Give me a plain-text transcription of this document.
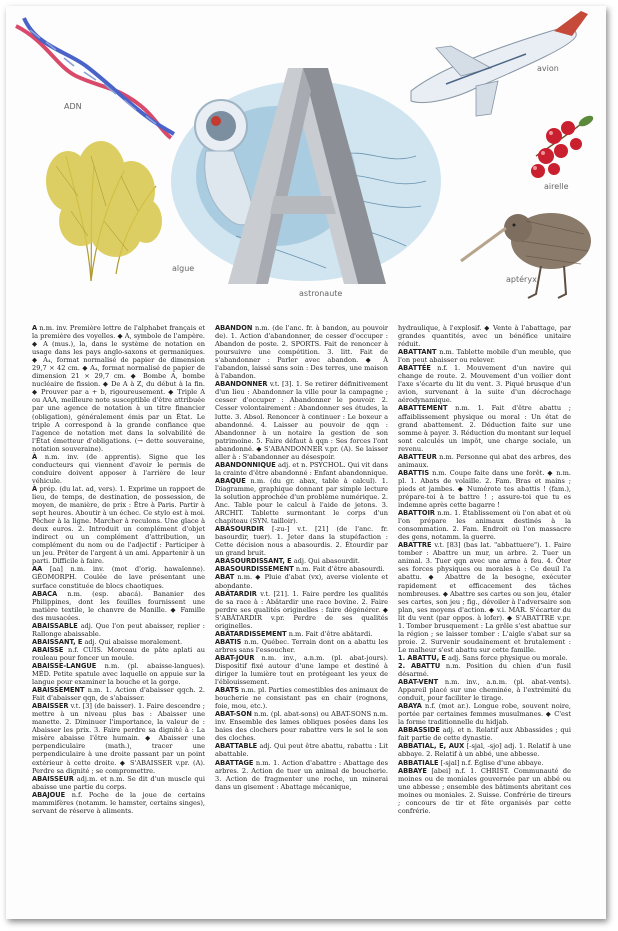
ADN
avion
algue
astronaute
airelle
aptéryx

A n.m. inv. Première lettre de l'alphabet français et la première des voyelles. ◆ A, symbole de l'ampère. ◆ A (mus.), la, dans le système de notation en usage dans les pays anglo-saxons et germaniques. ◆ A₄, format normalisé de papier de dimension 29,7 × 42 cm. ◆ A₄, format normalisé de papier de dimension 21 × 29,7 cm. ◆ Bombe A, bombe nucléaire de fission. ◆ De A à Z, du début à la fin. ◆ Prouver par a + b, rigoureusement. ◆ Triple A ou AAA, meilleure note susceptible d'être attribuée par une agence de notation à un titre financier (obligation), généralement émis par un État. Le triple A correspond à la grande confiance que l'agence de notation met dans la solvabilité de l'État émetteur d'obligations. (→ dette souveraine, notation souveraine).

À n.m. inv. (de apprentis). Signe que les conducteurs qui viennent d'avoir le permis de conduire doivent apposer à l'arrière de leur véhicule.

À prép. (du lat. ad, vers). 1. Exprime un rapport de lieu, de temps, de destination, de possession, de moyen, de manière, de prix : Être à Paris. Partir à sept heures. Aboutir à un échec. Ce stylo est à moi. Pêcher à la ligne. Marcher à reculons. Une glace à deux euros. 2. Introduit un complément d'objet indirect ou un complément d'attribution, un complément du nom ou de l'adjectif : Participer à un jeu. Prêter de l'argent à un ami. Appartenir à un parti. Difficile à faire.

AA [aa] n.m. inv. (mot d'orig. hawaïenne). GÉOMORPH. Coulée de lave présentant une surface constituée de blocs chaotiques.

ABACA n.m. (esp. abacá). Bananier des Philippines, dont les feuilles fournissent une matière textile, le chanvre de Manille. ◆ Famille des musacées.

ABAISSABLE adj. Que l'on peut abaisser, replier : Rallonge abaissable.

ABAISSANT, E adj. Qui abaisse moralement.

ABAISSE n.f. CUIS. Morceau de pâte aplati au rouleau pour foncer un moule.

ABAISSE-LANGUE n.m. (pl. abaisse-langues). MÉD. Petite spatule avec laquelle on appuie sur la langue pour examiner la bouche et la gorge.

ABAISSEMENT n.m. 1. Action d'abaisser qqch. 2. Fait d'abaisser qqn, de s'abaisser.

ABAISSER v.t. [3] (de baisser). 1. Faire descendre ; mettre à un niveau plus bas : Abaisser une manette. 2. Diminuer l'importance, la valeur de : Abaisser les prix. 3. Faire perdre sa dignité à : La misère abaisse l'être humain. ◆ Abaisser une perpendiculaire (math.), tracer une perpendiculaire à une droite passant par un point extérieur à cette droite. ◆ S'ABAISSER v.pr. (A). Perdre sa dignité ; se compromettre.

ABAISSEUR adj.m. et n.m. Se dit d'un muscle qui abaisse une partie du corps.

ABAJOUE n.f. Poche de la joue de certains mammifères (notamm. le hamster, certains singes), servant de réserve à aliments.

ABANDON n.m. (de l'anc. fr. à bandon, au pouvoir de). 1. Action d'abandonner, de cesser d'occuper : Abandon de poste. 2. SPORTS. Fait de renoncer à poursuivre une compétition. 3. litt. Fait de s'abandonner : Parler avec abandon. ◆ À l'abandon, laissé sans soin : Des terres, une maison à l'abandon.

ABANDONNER v.t. [3]. 1. Se retirer définitivement d'un lieu : Abandonner la ville pour la campagne ; cesser d'occuper : Abandonner le pouvoir. 2. Cesser volontairement : Abandonner ses études, la lutte. 3. Absol. Renoncer à continuer : Le boxeur a abandonné. 4. Laisser au pouvoir de qqn : Abandonner à un notaire la gestion de son patrimoine. 5. Faire défaut à qqn : Ses forces l'ont abandonné. ◆ S'ABANDONNER v.pr. (A). Se laisser aller à : S'abandonner au désespoir.

ABANDONNIQUE adj. et n. PSYCHOL. Qui vit dans la crainte d'être abandonné : Enfant abandonnique.

ABAQUE n.m. (du gr. abax, table à calcul). 1. Diagramme, graphique donnant par simple lecture la solution approchée d'un problème numérique. 2. Anc. Table pour le calcul à l'aide de jetons. 3. ARCHIT. Tablette surmontant le corps d'un chapiteau (SYN. tailloir).

ABASOURDIR [-zu-] v.t. [21] (de l'anc. fr. basourdir, tuer). 1. Jeter dans la stupéfaction : Cette décision nous a abasourdis. 2. Étourdir par un grand bruit.

ABASOURDISSANT, E adj. Qui abasourdit.

ABASOURDISSEMENT n.m. Fait d'être abasourdi.

ABAT n.m. ◆ Pluie d'abat (vx), averse violente et abondante.

ABÂTARDIR v.t. [21]. 1. Faire perdre les qualités de sa race à : Abâtardir une race bovine. 2. Faire perdre ses qualités originelles : faire dégénérer. ◆ S'ABÂTARDIR v.pr. Perdre de ses qualités originelles.

ABÂTARDISSEMENT n.m. Fait d'être abâtardi.

ABATIS n.m. Québec. Terrain dont on a abattu les arbres sans l'essoucher.

ABAT-JOUR n.m. inv., a.n.m. (pl. abat-jours). Dispositif fixé autour d'une lampe et destiné à diriger la lumière tout en protégeant les yeux de l'éblouissement.

ABATS n.m. pl. Parties comestibles des animaux de boucherie ne consistant pas en chair (rognons, foie, mou, etc.).

ABAT-SON n.m. (pl. abat-sons) ou ABAT-SONS n.m. inv. Ensemble des lames obliques posées dans les baies des clochers pour rabattre vers le sol le son des cloches.

ABATTABLE adj. Qui peut être abattu, rabattu : Lit abattable.

ABATTAGE n.m. 1. Action d'abattre : Abattage des arbres. 2. Action de tuer un animal de boucherie. 3. Action de fragmenter une roche, un minerai dans un gisement : Abattage mécanique,

hydraulique, à l'explosif. ◆ Vente à l'abattage, par grandes quantités, avec un bénéfice unitaire réduit.

ABATTANT n.m. Tablette mobile d'un meuble, que l'on peut abaisser ou relever.

ABATTÉE n.f. 1. Mouvement d'un navire qui change de route. 2. Mouvement d'un voilier dont l'axe s'écarte du lit du vent. 3. Piqué brusque d'un avion, survenant à la suite d'un décrochage aérodynamique.

ABATTEMENT n.m. 1. Fait d'être abattu ; affaiblissement physique ou moral : Un état de grand abattement. 2. Déduction faite sur une somme à payer. 3. Réduction du montant sur lequel sont calculés un impôt, une charge sociale, un revenu.

ABATTEUR n.m. Personne qui abat des arbres, des animaux.

ABATTIS n.m. Coupe faite dans une forêt. ◆ n.m. pl. 1. Abats de volaille. 2. Fam. Bras et mains ; pieds et jambes. ◆ Numérote tes abattis ! (fam.), prépare-toi à te battre ! ; assure-toi que tu es indemne après cette bagarre !

ABATTOIR n.m. 1. Établissement où l'on abat et où l'on prépare les animaux destinés à la consommation. 2. Fam. Endroit où l'on massacre des gens, notamm. la guerre.

ABATTRE v.t. [83] (bas lat. "abbattuere"). 1. Faire tomber : Abattre un mur, un arbre. 2. Tuer un animal. 3. Tuer qqn avec une arme à feu. 4. Ôter ses forces physiques ou morales à : Ce deuil l'a abattu. ◆ Abattre de la besogne, exécuter rapidement et efficacement des tâches nombreuses. ◆ Abattre ses cartes ou son jeu, étaler ses cartes, son jeu ; fig., dévoiler à l'adversaire son plan, ses moyens d'action. ◆ v.i. MAR. S'écarter du lit du vent (par oppos. à lofer). ◆ S'ABATTRE v.pr. 1. Tomber brusquement : La grêle s'est abattue sur la région ; se laisser tomber : L'aigle s'abat sur sa proie. 2. Survenir soudainement et brutalement : Le malheur s'est abattu sur cette famille.

1. ABATTU, E adj. Sans force physique ou morale.

2. ABATTU n.m. Position du chien d'un fusil désarmé.

ABAT-VENT n.m. inv., a.n.m. (pl. abat-vents). Appareil placé sur une cheminée, à l'extrémité du conduit, pour faciliter le tirage.

ABAYA n.f. (mot ar.). Longue robe, souvent noire, portée par certaines femmes musulmanes. ◆ C'est la forme traditionnelle du hidjab.

ABBASSIDE adj. et n. Relatif aux Abbassides ; qui fait partie de cette dynastie.

ABBATIAL, E, AUX [-sjal, -sjo] adj. 1. Relatif à une abbaye. 2. Relatif à un abbé, une abbesse.

ABBATIALE [-sjal] n.f. Église d'une abbaye.

ABBAYE [abei] n.f. 1. CHRIST. Communauté de moines ou de moniales gouvernée par un abbé ou une abbesse ; ensemble des bâtiments abritant ces moines ou moniales. 2. Suisse. Confrérie de tireurs ; concours de tir et fête organisés par cette confrérie.
